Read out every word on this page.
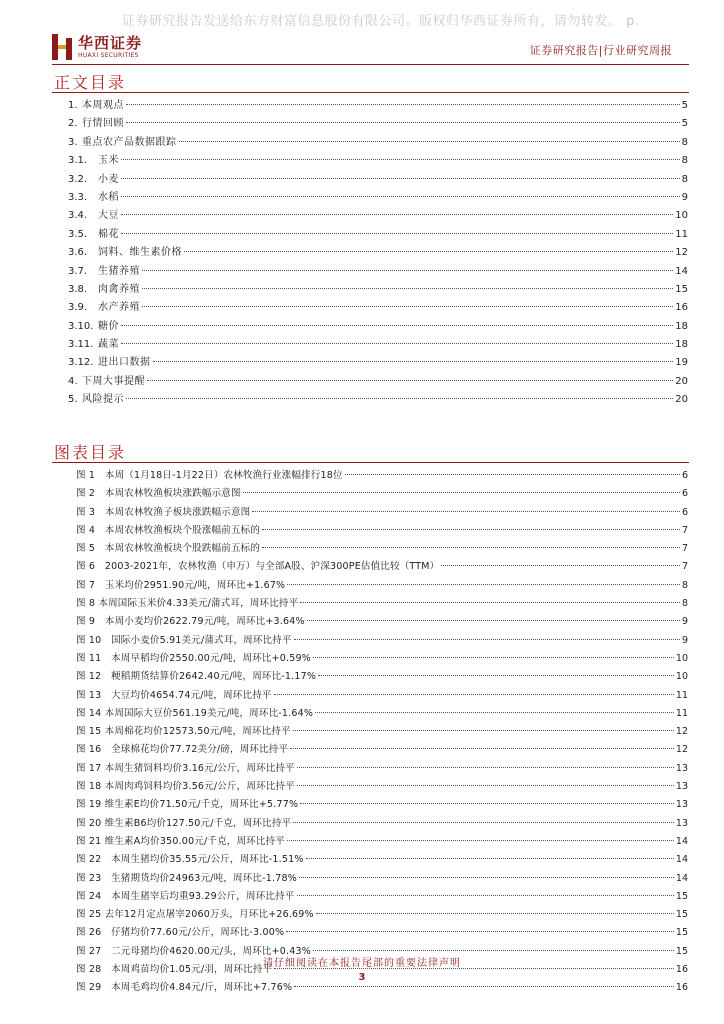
证券研究报告发送给东方财富信息股份有限公司。版权归华西证券所有，请勿转发。 p.
华西证券
HUAXI SECURITIES	证券研究报告|行业研究周报
正文目录
1. 本周观点	5
2. 行情回顾	5
3. 重点农产品数据跟踪	8
3.1.	玉米	8
3.2.	小麦	8
3.3.	水稻	9
3.4.	大豆	10
3.5.	棉花	11
3.6.	饲料、维生素价格	12
3.7.	生猪养殖	14
3.8.	肉禽养殖	15
3.9.	水产养殖	16
3.10. 糖价	18
3.11. 蔬菜	18
3.12. 进出口数据	19
4. 下周大事提醒	20
5. 风险提示	20
图表目录
图 1　本周（1月18日-1月22日）农林牧渔行业涨幅排行18位	6
图 2　本周农林牧渔板块涨跌幅示意图	6
图 3　本周农林牧渔子板块涨跌幅示意图	6
图 4　本周农林牧渔板块个股涨幅前五标的	7
图 5　本周农林牧渔板块个股跌幅前五标的	7
图 6　2003-2021年，农林牧渔（申万）与全部A股、沪深300PE估值比较（TTM）	7
图 7　玉米均价2951.90元/吨，周环比+1.67%	8
图 8 本周国际玉米价4.33美元/蒲式耳，周环比持平	8
图 9　本周小麦均价2622.79元/吨，周环比+3.64%	9
图 10　国际小麦价5.91美元/蒲式耳，周环比持平	9
图 11　本周早稻均价2550.00元/吨，周环比+0.59%	10
图 12　粳稻期货结算价2642.40元/吨，周环比-1.17%	10
图 13　大豆均价4654.74元/吨，周环比持平	11
图 14 本周国际大豆价561.19美元/吨，周环比-1.64%	11
图 15 本周棉花均价12573.50元/吨，周环比持平	12
图 16　全球棉花均价77.72美分/磅，周环比持平	12
图 17 本周生猪饲料均价3.16元/公斤，周环比持平	13
图 18 本周肉鸡饲料均价3.56元/公斤，周环比持平	13
图 19 维生素E均价71.50元/千克，周环比+5.77%	13
图 20 维生素B6均价127.50元/千克，周环比持平	13
图 21 维生素A均价350.00元/千克，周环比持平	14
图 22　本周生猪均价35.55元/公斤，周环比-1.51%	14
图 23　生猪期货均价24963元/吨，周环比-1.78%	14
图 24　本周生猪宰后均重93.29公斤，周环比持平	15
图 25 去年12月定点屠宰2060万头，月环比+26.69%	15
图 26　仔猪均价77.60元/公斤，周环比-3.00%	15
图 27　二元母猪均价4620.00元/头，周环比+0.43%	15
图 28　本周鸡苗均价1.05元/羽，周环比持平	16
图 29　本周毛鸡均价4.84元/斤，周环比+7.76%	16
请仔细阅读在本报告尾部的重要法律声明
3
